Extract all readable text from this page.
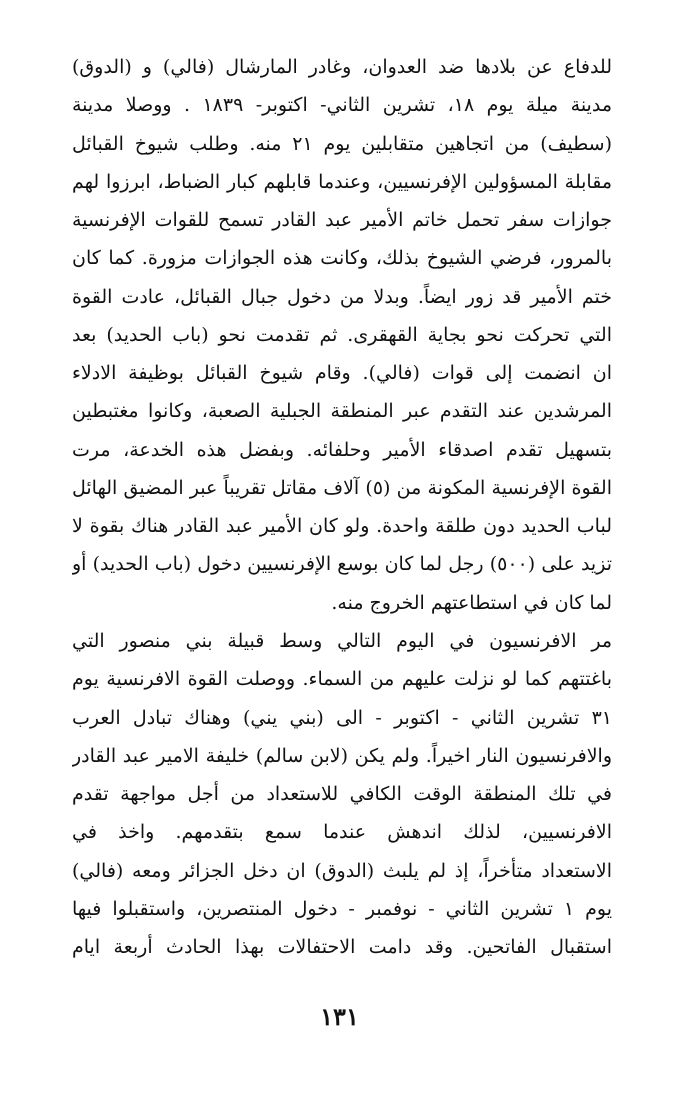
للدفاع عن بلادها ضد العدوان، وغادر المارشال (فالي) و (الدوق)
مدينة ميلة يوم ١٨، تشرين الثاني- اكتوبر- ١٨٣٩ . ووصلا مدينة
(سطيف) من اتجاهين متقابلين يوم ٢١ منه. وطلب شيوخ القبائل
مقابلة المسؤولين الإفرنسيين، وعندما قابلهم كبار الضباط، ابرزوا لهم
جوازات سفر تحمل خاتم الأمير عبد القادر تسمح للقوات الإفرنسية
بالمرور، فرضي الشيوخ بذلك، وكانت هذه الجوازات مزورة. كما كان
ختم الأمير قد زور ايضاً. وبدلا من دخول جبال القبائل، عادت القوة
التي تحركت نحو بجاية القهقرى. ثم تقدمت نحو (باب الحديد) بعد
ان انضمت إلى قوات (فالي). وقام شيوخ القبائل بوظيفة الادلاء
المرشدين عند التقدم عبر المنطقة الجبلية الصعبة، وكانوا مغتبطين
بتسهيل تقدم اصدقاء الأمير وحلفائه. وبفضل هذه الخدعة، مرت
القوة الإفرنسية المكونة من (٥) آلاف مقاتل تقريباً عبر المضيق الهائل
لباب الحديد دون طلقة واحدة. ولو كان الأمير عبد القادر هناك بقوة لا
تزيد على (٥٠٠) رجل لما كان بوسع الإفرنسيين دخول (باب الحديد) أو
لما كان في استطاعتهم الخروج منه.
مر الافرنسيون في اليوم التالي وسط قبيلة بني منصور التي
باغتتهم كما لو نزلت عليهم من السماء. ووصلت القوة الافرنسية يوم
٣١ تشرين الثاني - اكتوبر - الى (بني يني) وهناك تبادل العرب
والافرنسيون النار اخيراً. ولم يكن (لابن سالم) خليفة الامير عبد القادر
في تلك المنطقة الوقت الكافي للاستعداد من أجل مواجهة تقدم
الافرنسيين، لذلك اندهش عندما سمع بتقدمهم. واخذ في
الاستعداد متأخراً، إذ لم يلبث (الدوق) ان دخل الجزائر ومعه (فالي)
يوم ١ تشرين الثاني - نوفمبر - دخول المنتصرين، واستقبلوا فيها
استقبال الفاتحين. وقد دامت الاحتفالات بهذا الحادث أربعة ايام
١٣١
